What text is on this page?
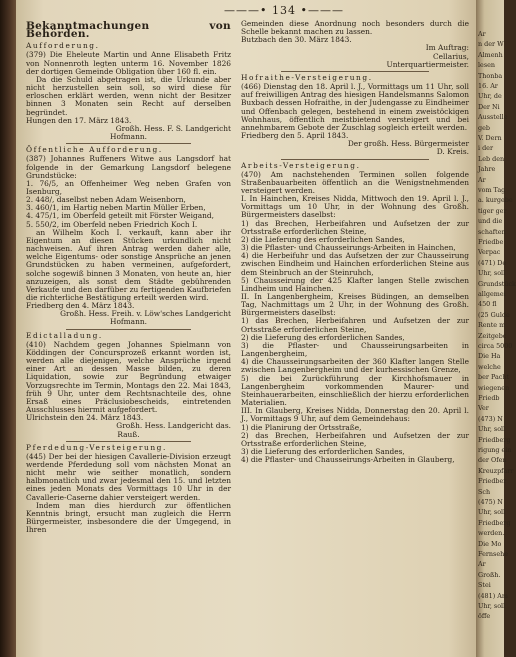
———• 134 •———

Bekanntmachungen von Behörden.

Aufforderung.

(379) Die Eheleute Martin und Anne Elisabeth Fritz von Nonnenroth legten unterm 16. November 1826 der dortigen Gemeinde Obligation über 160 fl. ein.

Da die Schuld abgetragen ist, die Urkunde aber nicht herzustellen sein soll, so wird diese für erloschen erklärt werden, wenn nicht der Besitzer binnen 3 Monaten sein Recht auf derselben begründet.

Hungen den 17. März 1843.

Großh. Hess. F. S. Landgericht

Hofmann.

Öffentliche Aufforderung.

(387) Johannes Ruffeners Witwe aus Langsdorf hat folgende in der Gemarkung Langsdorf belegene Grundstücke:

1. 76/5, an Offenheimer Weg neben Grafen von Isenburg,

2. 448/, daselbst neben Adam Weisenborn,

3. 460/1, im Hartig neben Martin Müller Erben,

4. 475/1, im Oberfeld geteilt mit Förster Weigand,

5. 550/2, im Oberfeld neben Friedrich Koch I.

an Wilhelm Koch I. verkauft, kann aber ihr Eigentum an diesen Stücken urkundlich nicht nachweisen. Auf ihren Antrag werden daher alle, welche Eigentums- oder sonstige Ansprüche an jenen Grundstücken zu haben vermeinen, aufgefordert, solche sogewiß binnen 3 Monaten, von heute an, hier anzuzeigen, als sonst dem Städte gebührenden Verkaufe und den darfüber zu fertigenden Kaufbriefen die richterliche Bestätigung erteilt werden wird.

Friedberg den 4. März 1843.

Großh. Hess. Freih. v. Löw'sches Landgericht

Hofmann.

Edictalladung.

(410) Nachdem gegen Johannes Spielmann von Köddingen der Concursprozeß erkannt worden ist, werden alle diejenigen, welche Ansprüche irgend einer Art an dessen Masse bilden, zu deren Liquidation, sowie zur Begründung etwaiger Vorzugsrechte im Termin, Montags den 22. Mai 1843, früh 9 Uhr, unter dem Rechtsnachteile des, ohne Ersaß eines Präclusiobescheids, eintretenden Ausschlusses hiermit aufgefordert.

Ulrichstein den 24. März 1843.

Großh. Hess. Landgericht das.

Rauß.

Pferdedung-Versteigerung.

(445) Der bei der hiesigen Cavallerie-Division erzeugt werdende Pferdedung soll vom nächsten Monat an nicht mehr wie seither monatlich, sondern halbmonatlich und zwar jedesmal den 15. und letzten eines jeden Monats des Vormittags 10 Uhr in der Cavallerie-Caserne dahier versteigert werden.

Indem man dies hierdurch zur öffentlichen Kenntnis bringt, ersucht man zugleich die Herrn Bürgermeister, insbesondere die der Umgegend, in Ihren

Gemeinden diese Anordnung noch besonders durch die Schelle bekannt machen zu lassen.

Butzbach den 30. März 1843.

Im Auftrag:

Cellarius,

Unterquartiermeister.

Hofraithe-Versteigerung.

(466) Dienstag den 18. April l. J., Vormittags um 11 Uhr, soll auf freiwilligen Antrag des hiesigen Handelsmanns Salomon Buxbach dessen Hofraithe, in der Judengasse zu Eindheimer und Offenbach gelegen, bestehend in einem zweistöckigen Wohnhaus, öffentlich meistbietend versteigert und bei annehmbarem Gebote der Zuschlag sogleich erteilt werden.

Friedberg den 5. April 1843.

Der großh. Hess. Bürgermeister

D. Kreis.

Arbeits-Versteigerung.

(470) Am nachstehenden Terminen sollen folgende Straßenbauarbeiten öffentlich an die Wenigstnehmenden versteigert werden.

I. In Hainchen, Kreises Nidda, Mittwoch den 19. April l. J., Vormittags um 10 Uhr, in der Wohnung des Großh. Bürgermeisters daselbst:

1) das Brechen, Herbeifahren und Aufsetzen der zur Ortsstraße erforderlichen Steine,

2) die Lieferung des erforderlichen Sandes,

3) die Pflaster- und Chausseirungs-Arbeiten in Hainchen,

4) die Herbeifuhr und das Aufsetzen der zur Chausseirung zwischen Eindheim und Hainchen erforderlichen Steine aus dem Steinbruch an der Steinruhch,

5) Chausseirung der 425 Klafter langen Stelle zwischen Lindheim und Hainchen.

II. In Langenbergheim, Kreises Büdingen, an demselben Tag, Nachmittags um 2 Uhr, in der Wohnung des Großh. Bürgermeisters daselbst:

1) das Brechen, Herbeifahren und Aufsetzen der zur Ortsstraße erforderlichen Steine,

2) die Lieferung des erforderlichen Sandes,

3) die Pflaster- und Chausseirungsarbeiten in Langenbergheim,

4) die Chausseirungsarbeiten der 360 Klafter langen Stelle zwischen Langenbergheim und der kurhessischen Grenze,

5) die bei Zurückführung der Kirchhofsmauer in Langenbergheim vorkommenden Maurer- und Steinhauerarbeiten, einschließlich der hierzu erforderlichen Materialien.

III. In Glauberg, Kreises Nidda, Donnerstag den 20. April l. J., Vormittags 9 Uhr, auf dem Gemeindehaus:

1) die Planirung der Ortsstraße,

2) das Brechen, Herbeifahren und Aufsetzen der zur Ortsstraße erforderlichen Steine,

3) die Lieferung des erforderlichen Sandes,

4) die Pflaster- und Chausseirungs-Arbeiten in Glauberg,

Ar
n der W
Almenh
lesen
Thonba
16. Ar
Uhr, de
Der Ni
Ausstelle
geb
V. Dern
i der
Leb den
Jahre
Ar
vom Tag
a. kurgebe
tiger ger
und die
schaften
Friedbe
Verpac
(471) De
Uhr, soll
Grundstück
allgemei
450 fl
(25 Gulde
Rente m
Zeitgebc
circa 5000
Die Ha
welche
ber Pacht
wiegenen
Friedb
Ver
(473) N
Uhr, soll
Friedberg
rigung ein
der Ofen
Kreuzpfarr
Friedber
Sch
(475) N
Uhr, soll
Friedberg
werden.
Die Mo
Fernsehe
Ar
Großh.
Stei
(481) Am
Uhr, soll
öffe
